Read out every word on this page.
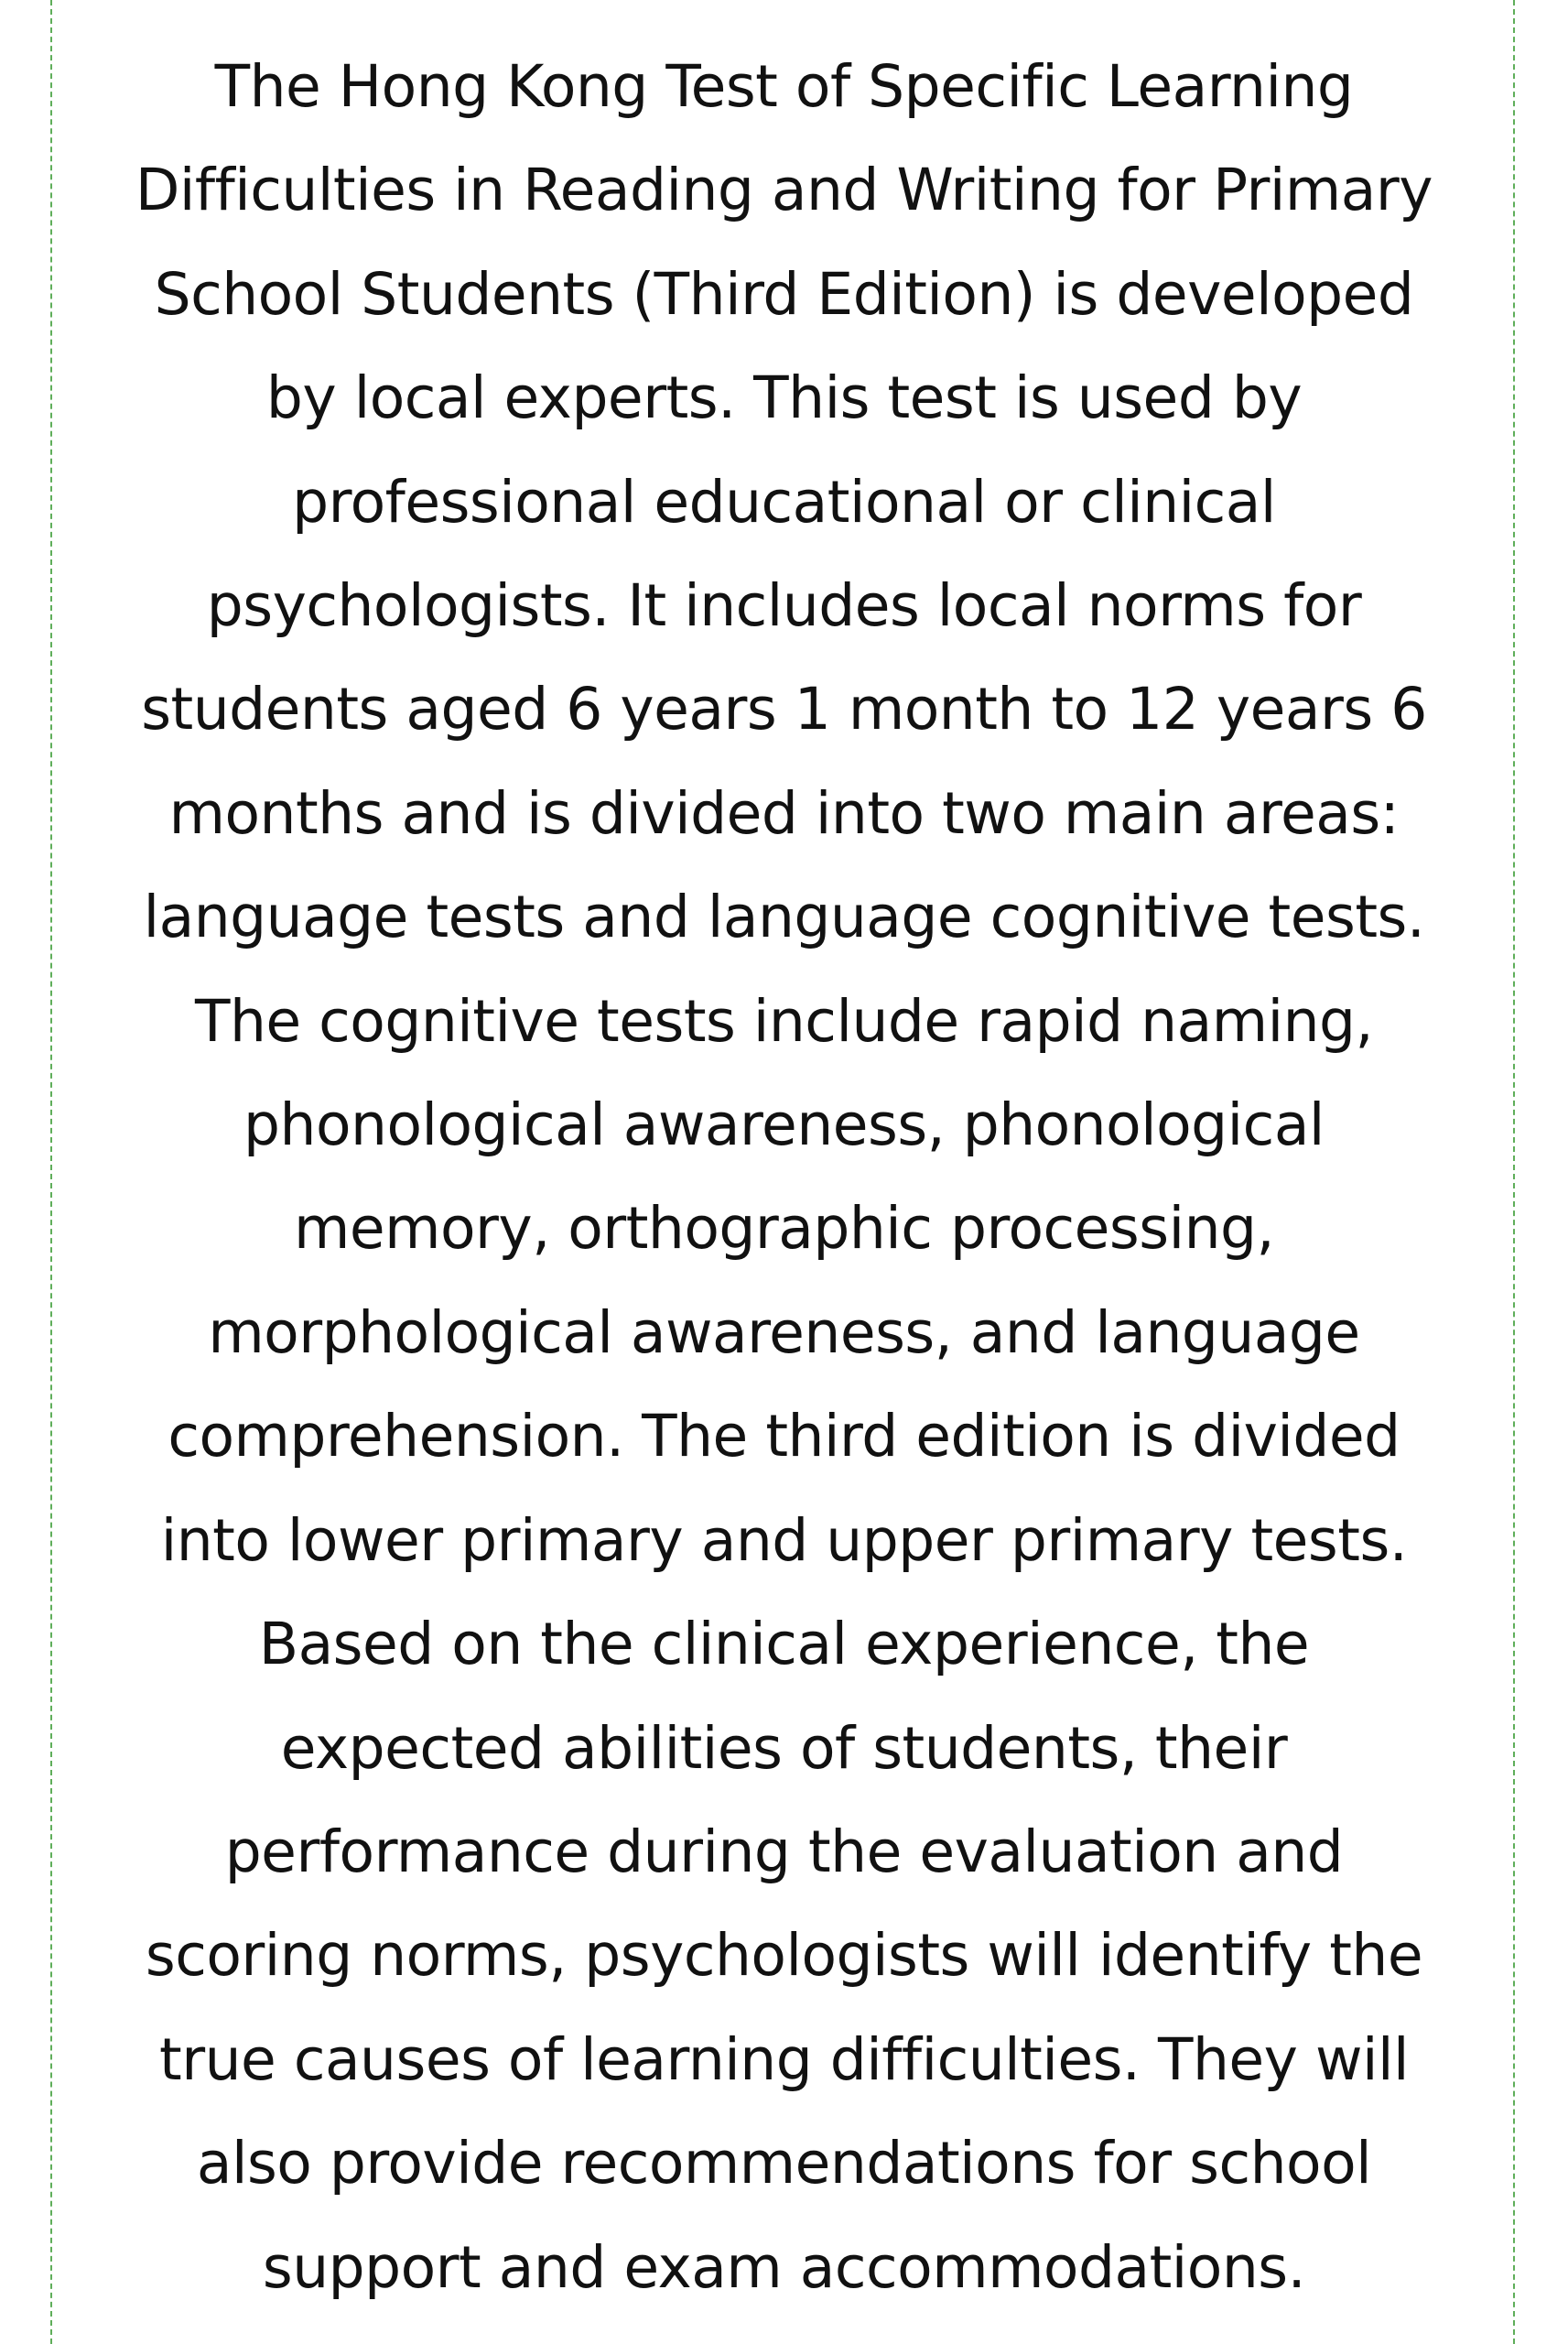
The Hong Kong Test of Specific Learning
Difficulties in Reading and Writing for Primary
School Students (Third Edition) is developed
by local experts. This test is used by
professional educational or clinical
psychologists. It includes local norms for
students aged 6 years 1 month to 12 years 6
months and is divided into two main areas:
language tests and language cognitive tests.
The cognitive tests include rapid naming,
phonological awareness, phonological
memory, orthographic processing,
morphological awareness, and language
comprehension. The third edition is divided
into lower primary and upper primary tests.
Based on the clinical experience, the
expected abilities of students, their
performance during the evaluation and
scoring norms, psychologists will identify the
true causes of learning difficulties. They will
also provide recommendations for school
support and exam accommodations.
